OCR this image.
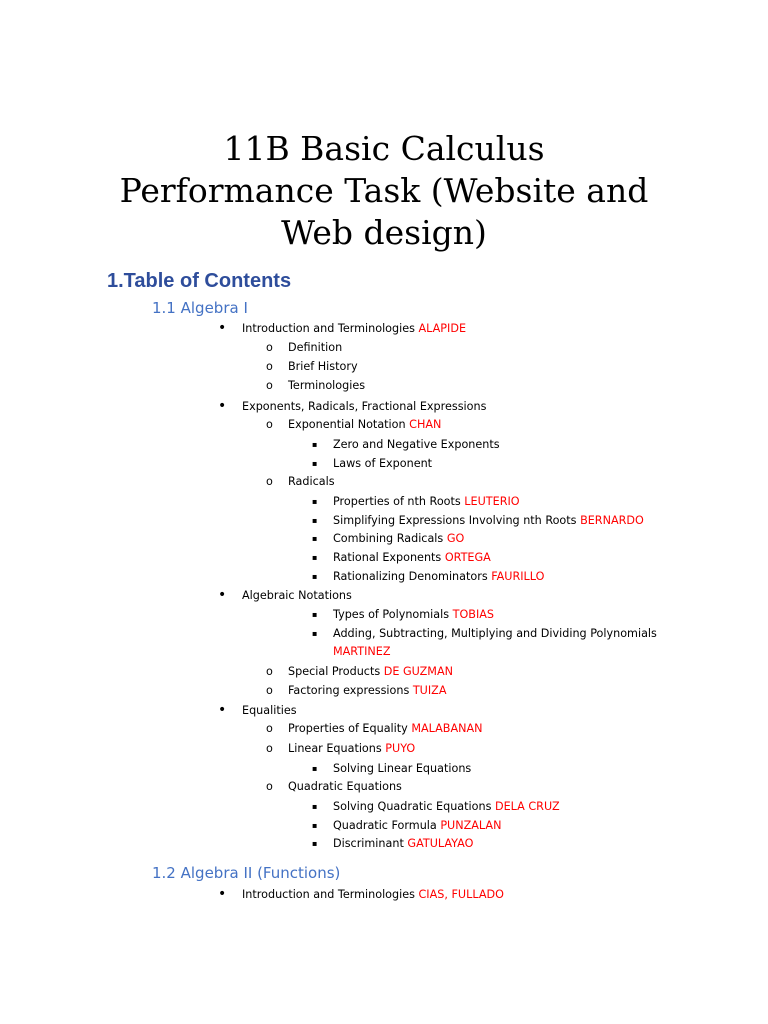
11B Basic Calculus
Performance Task (Website and
Web design)
1.Table of Contents
1.1 Algebra I
• Introduction and Terminologies ALAPIDE
o Definition
o Brief History
o Terminologies
• Exponents, Radicals, Fractional Expressions
o Exponential Notation CHAN
▪ Zero and Negative Exponents
▪ Laws of Exponent
o Radicals
▪ Properties of nth Roots LEUTERIO
▪ Simplifying Expressions Involving nth Roots BERNARDO
▪ Combining Radicals GO
▪ Rational Exponents ORTEGA
▪ Rationalizing Denominators FAURILLO
• Algebraic Notations
▪ Types of Polynomials TOBIAS
▪ Adding, Subtracting, Multiplying and Dividing Polynomials
MARTINEZ
o Special Products DE GUZMAN
o Factoring expressions TUIZA
• Equalities
o Properties of Equality MALABANAN
o Linear Equations PUYO
▪ Solving Linear Equations
o Quadratic Equations
▪ Solving Quadratic Equations DELA CRUZ
▪ Quadratic Formula PUNZALAN
▪ Discriminant GATULAYAO
1.2 Algebra II (Functions)
• Introduction and Terminologies CIAS, FULLADO
